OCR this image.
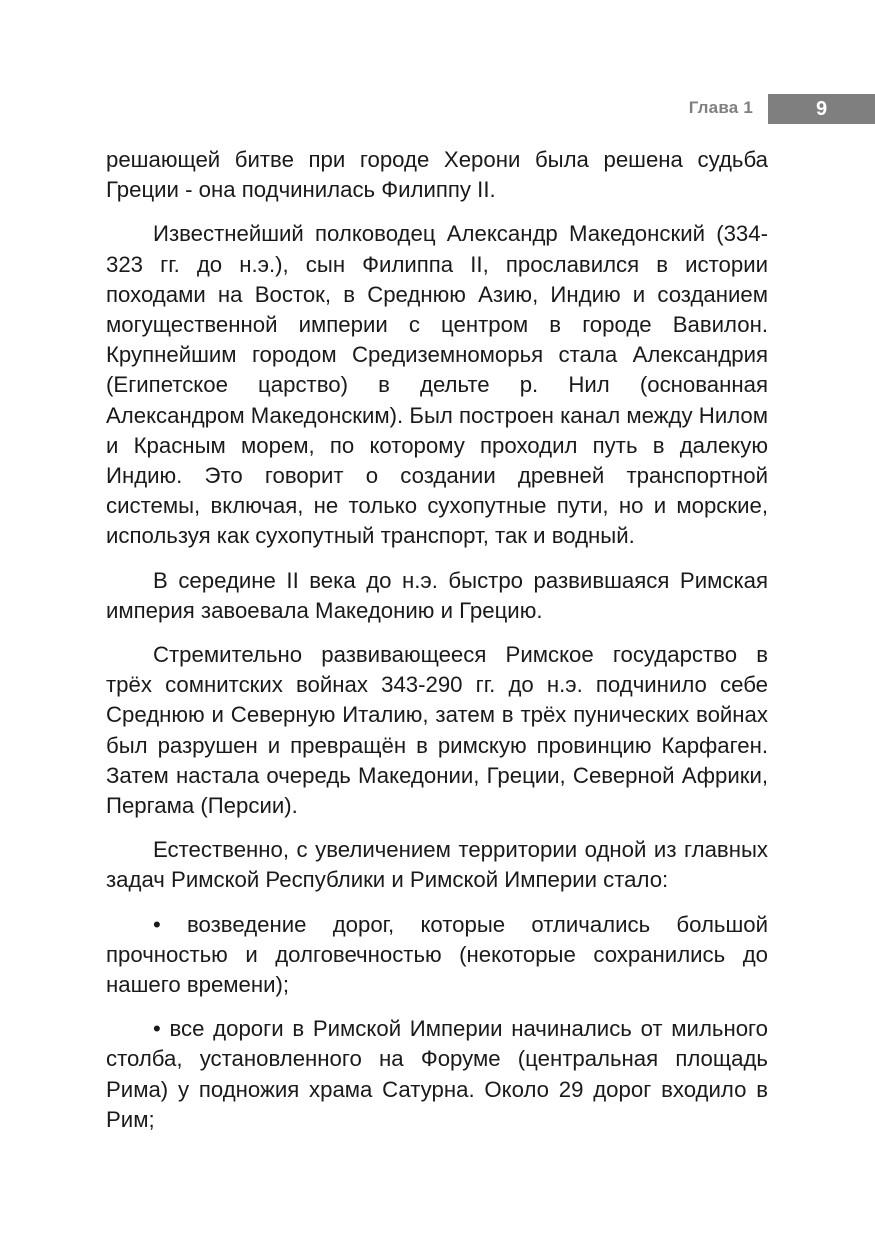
Глава 1	9

решающей битве при городе Херони была решена судьба Греции - она подчинилась Филиппу II.

Известнейший полководец Александр Македонский (334-323 гг. до н.э.), сын Филиппа II, прославился в истории походами на Восток, в Среднюю Азию, Индию и созданием могущественной империи с центром в городе Вавилон. Крупнейшим городом Средиземноморья стала Александрия (Египетское царство) в дельте р. Нил (основанная Александром Македонским). Был построен канал между Нилом и Красным морем, по которому проходил путь в далекую Индию. Это говорит о создании древней транспортной системы, включая, не только сухопутные пути, но и морские, используя как сухопутный транспорт, так и водный.

В середине II века до н.э. быстро развившаяся Римская империя завоевала Македонию и Грецию.

Стремительно развивающееся Римское государство в трёх сомнитских войнах 343-290 гг. до н.э. подчинило себе Среднюю и Северную Италию, затем в трёх пунических войнах был разрушен и превращён в римскую провинцию Карфаген. Затем настала очередь Македонии, Греции, Северной Африки, Пергама (Персии).

Естественно, с увеличением территории одной из главных задач Римской Республики и Римской Империи стало:

• возведение дорог, которые отличались большой прочностью и долговечностью (некоторые сохранились до нашего времени);

• все дороги в Римской Империи начинались от мильного столба, установленного на Форуме (центральная площадь Рима) у подножия храма Сатурна. Около 29 дорог входило в Рим;
